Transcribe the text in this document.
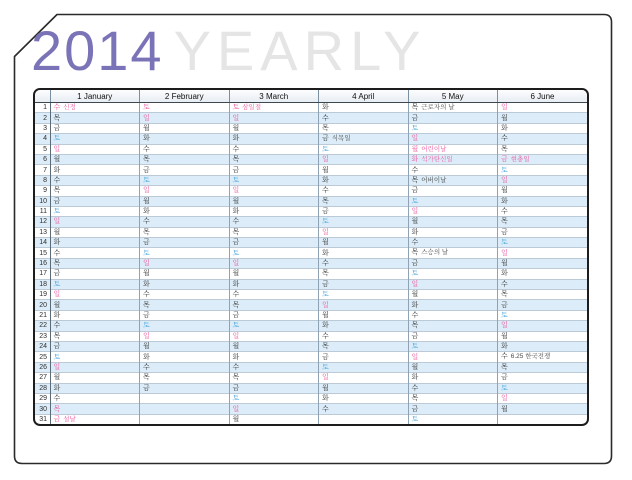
2014 YEARLY
	1 January	2 February	3 March	4 April	5 May	6 June
1	수 신정	토	토 삼일절	화	목 근로자의 날	일
2	목	일	일	수	금	월
3	금	월	월	목	토	화
4	토	화	화	금 식목일	일	수
5	일	수	수	토	월 어린이날	목
6	월	목	목	일	화 석가탄신일	금 현충일
7	화	금	금	월	수	토
8	수	토	토	화	목 어버이날	일
9	목	일	일	수	금	월
10	금	월	월	목	토	화
11	토	화	화	금	일	수
12	일	수	수	토	월	목
13	월	목	목	일	화	금
14	화	금	금	월	수	토
15	수	토	토	화	목 스승의 날	일
16	목	일	일	수	금	월
17	금	월	월	목	토	화
18	토	화	화	금	일	수
19	일	수	수	토	월	목
20	월	목	목	일	화	금
21	화	금	금	월	수	토
22	수	토	토	화	목	일
23	목	일	일	수	금	월
24	금	월	월	목	토	화
25	토	화	화	금	일	수 6.25 한국전쟁
26	일	수	수	토	월	목
27	월	목	목	일	화	금
28	화	금	금	월	수	토
29	수		토	화	목	일
30	목		일	수	금	월
31	금 설날		월		토	
